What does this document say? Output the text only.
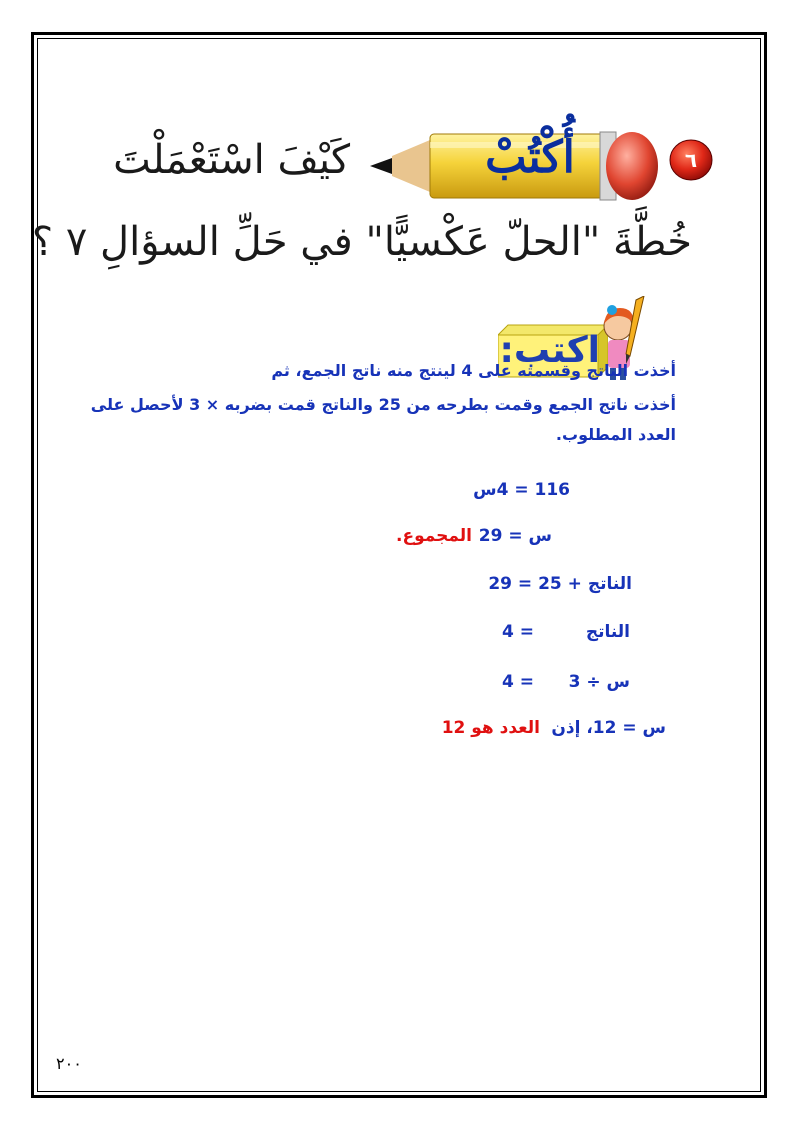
٦
أُكْتُبْ
كَيْفَ اسْتَعْمَلْتَ
خُطَّةَ "الحلّ عَكْسيًّا" في حَلِّ السؤالِ ٧ ؟
اكتب:
أخذت الناتج وقسمته على 4 لينتج منه ناتج الجمع، ثم
أخذت ناتج الجمع وقمت بطرحه من 25 والناتج قمت بضربه × 3 لأحصل على العدد المطلوب.
116 = 4س
س = 29
المجموع.
الناتج + 25 = 29
الناتج
= 4
س ÷ 3
= 4
س = 12، إذن
العدد هو 12
٢٠٠
